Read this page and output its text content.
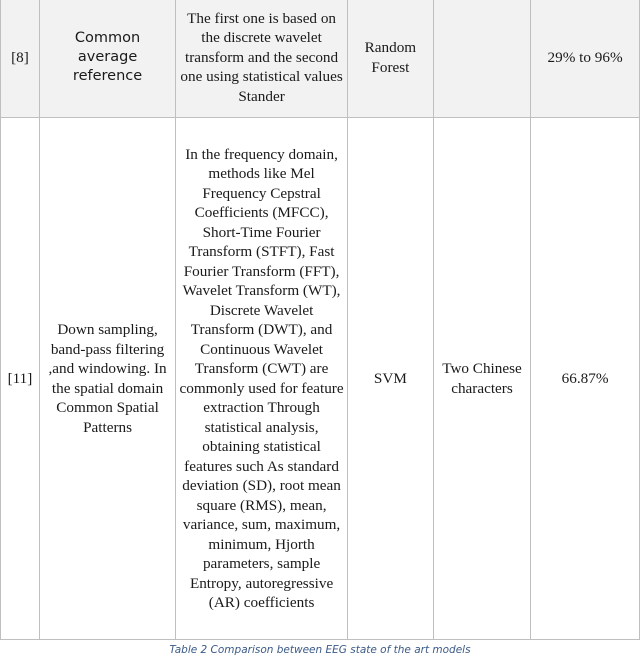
[8]	Common average reference	The first one is based on the discrete wavelet transform and the second one using statistical values Stander	Random Forest		29% to 96%
[11]	Down sampling, band-pass filtering ,and windowing. In the spatial domain Common Spatial Patterns	In the frequency domain, methods like Mel Frequency Cepstral Coefficients (MFCC), Short-Time Fourier Transform (STFT), Fast Fourier Transform (FFT), Wavelet Transform (WT), Discrete Wavelet Transform (DWT), and Continuous Wavelet Transform (CWT) are commonly used for feature extraction Through statistical analysis, obtaining statistical features such As standard deviation (SD), root mean square (RMS), mean, variance, sum, maximum, minimum, Hjorth parameters, sample Entropy, autoregressive (AR) coefficients	SVM	Two Chinese characters	66.87%
Table 2 Comparison between EEG state of the art models
